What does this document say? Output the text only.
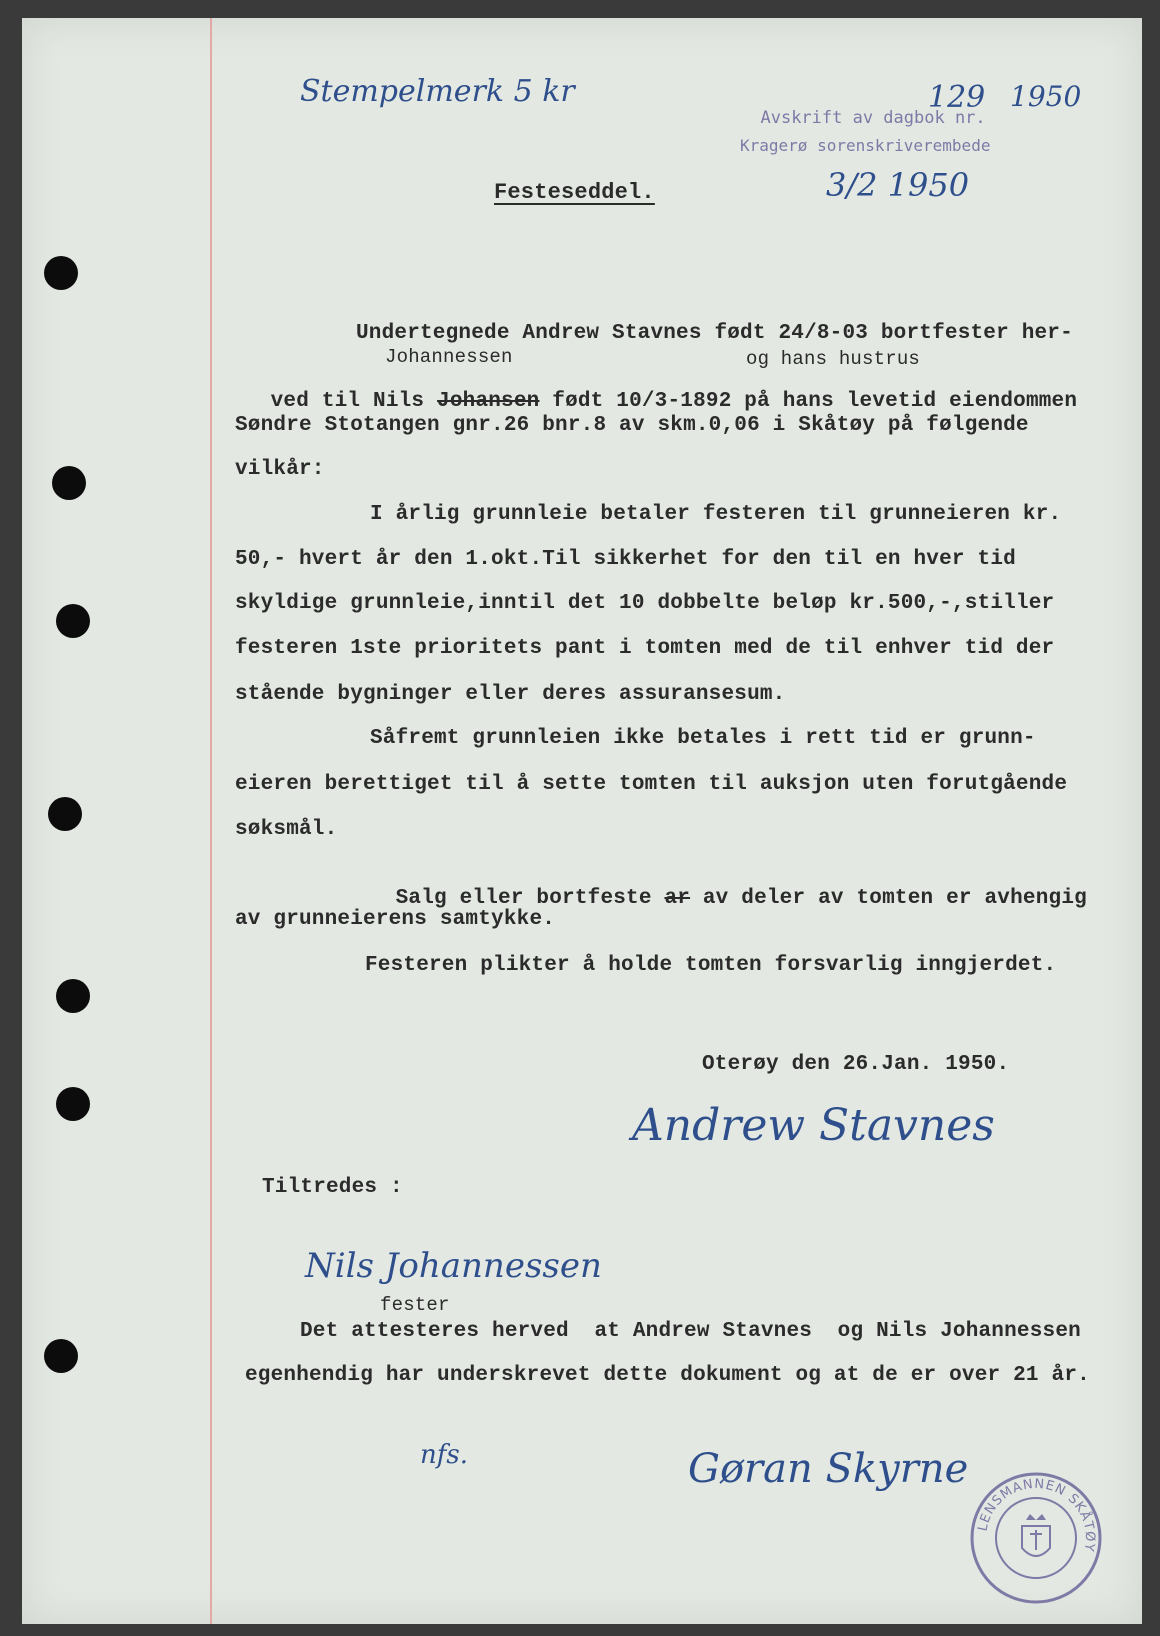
Stempelmerk 5 kr

Avskrift av dagbok nr.

129 1950
Kragerø sorenskriverembede
3/2 1950
Festeseddel.
Undertegnede Andrew Stavnes født 24/8-03 bortfester her-
Johannessen	og hans hustrus

ved til Nils Johansen født 10/3-1892 på hans levetid eiendommen

Søndre Stotangen gnr.26 bnr.8 av skm.0,06 i Skåtøy på følgende
vilkår:
I årlig grunnleie betaler festeren til grunneieren kr.
50,- hvert år den 1.okt.Til sikkerhet for den til en hver tid
skyldige grunnleie,inntil det 10 dobbelte beløp kr.500,-,stiller
festeren 1ste prioritets pant i tomten med de til enhver tid der
stående bygninger eller deres assuransesum.
Såfremt grunnleien ikke betales i rett tid er grunn-
eieren berettiget til å sette tomten til auksjon uten forutgående
søksmål.

Salg eller bortfeste ar av deler av tomten er avhengig

av grunneierens samtykke.
Festeren plikter å holde tomten forsvarlig inngjerdet.
Oterøy den 26.Jan. 1950.
Andrew Stavnes
Tiltredes :
Nils Johannessen
fester
Det attesteres herved  at Andrew Stavnes  og Nils Johannessen
egenhendig har underskrevet dette dokument og at de er over 21 år.
nfs.	Gøran Skyrne
LENSMANNEN SKÅTØY
